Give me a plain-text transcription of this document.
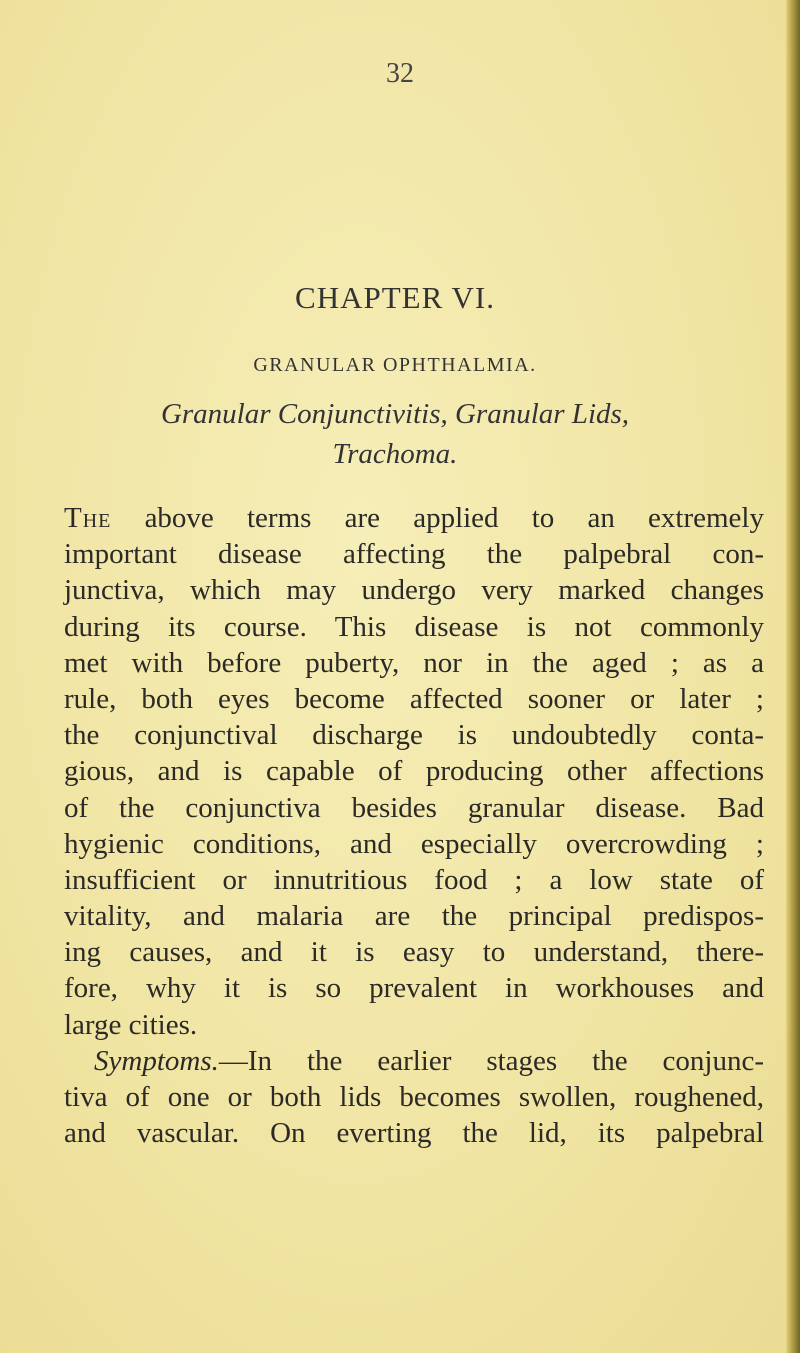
32
CHAPTER VI.
GRANULAR OPHTHALMIA.
Granular Conjunctivitis, Granular Lids,
Trachoma.
The above terms are applied to an extremely
important disease affecting the palpebral con-
junctiva, which may undergo very marked changes
during its course. This disease is not commonly
met with before puberty, nor in the aged ; as a
rule, both eyes become affected sooner or later ;
the conjunctival discharge is undoubtedly conta-
gious, and is capable of producing other affections
of the conjunctiva besides granular disease. Bad
hygienic conditions, and especially overcrowding ;
insufficient or innutritious food ; a low state of
vitality, and malaria are the principal predispos-
ing causes, and it is easy to understand, there-
fore, why it is so prevalent in workhouses and
large cities.
Symptoms.—In the earlier stages the conjunc-
tiva of one or both lids becomes swollen, roughened,
and vascular. On everting the lid, its palpebral
